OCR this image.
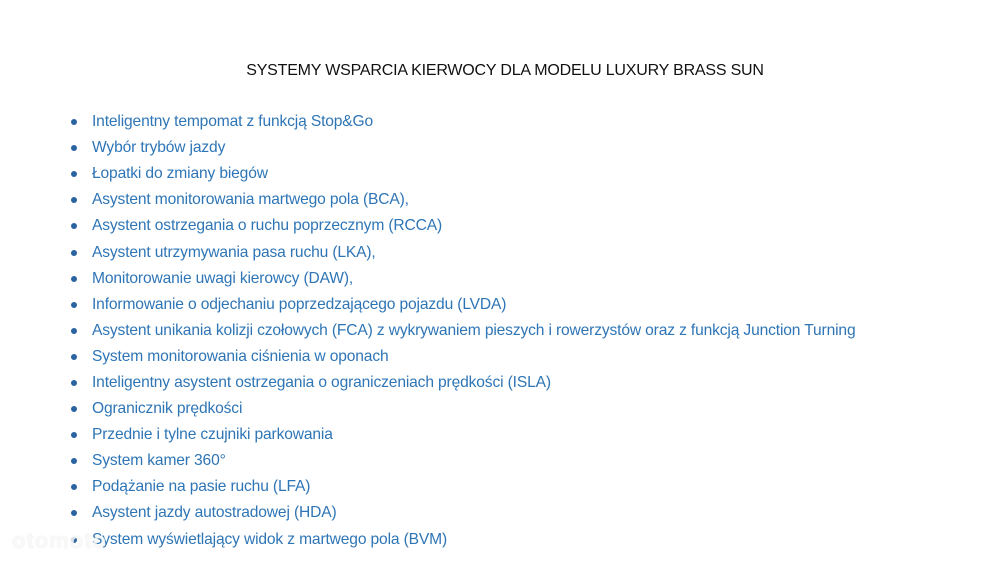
SYSTEMY WSPARCIA KIERWOCY DLA MODELU LUXURY BRASS SUN
Inteligentny tempomat z funkcją Stop&Go
Wybór trybów jazdy
Łopatki do zmiany biegów
Asystent monitorowania martwego pola (BCA),
Asystent ostrzegania o ruchu poprzecznym (RCCA)
Asystent utrzymywania pasa ruchu (LKA),
Monitorowanie uwagi kierowcy (DAW),
Informowanie o odjechaniu poprzedzającego pojazdu (LVDA)
Asystent unikania kolizji czołowych (FCA) z wykrywaniem pieszych i rowerzystów oraz z funkcją Junction Turning
System monitorowania ciśnienia w oponach
Inteligentny asystent ostrzegania o ograniczeniach prędkości (ISLA)
Ogranicznik prędkości
Przednie i tylne czujniki parkowania
System kamer 360°
Podążanie na pasie ruchu (LFA)
Asystent jazdy autostradowej (HDA)
System wyświetlający widok z martwego pola (BVM)
otomoto
